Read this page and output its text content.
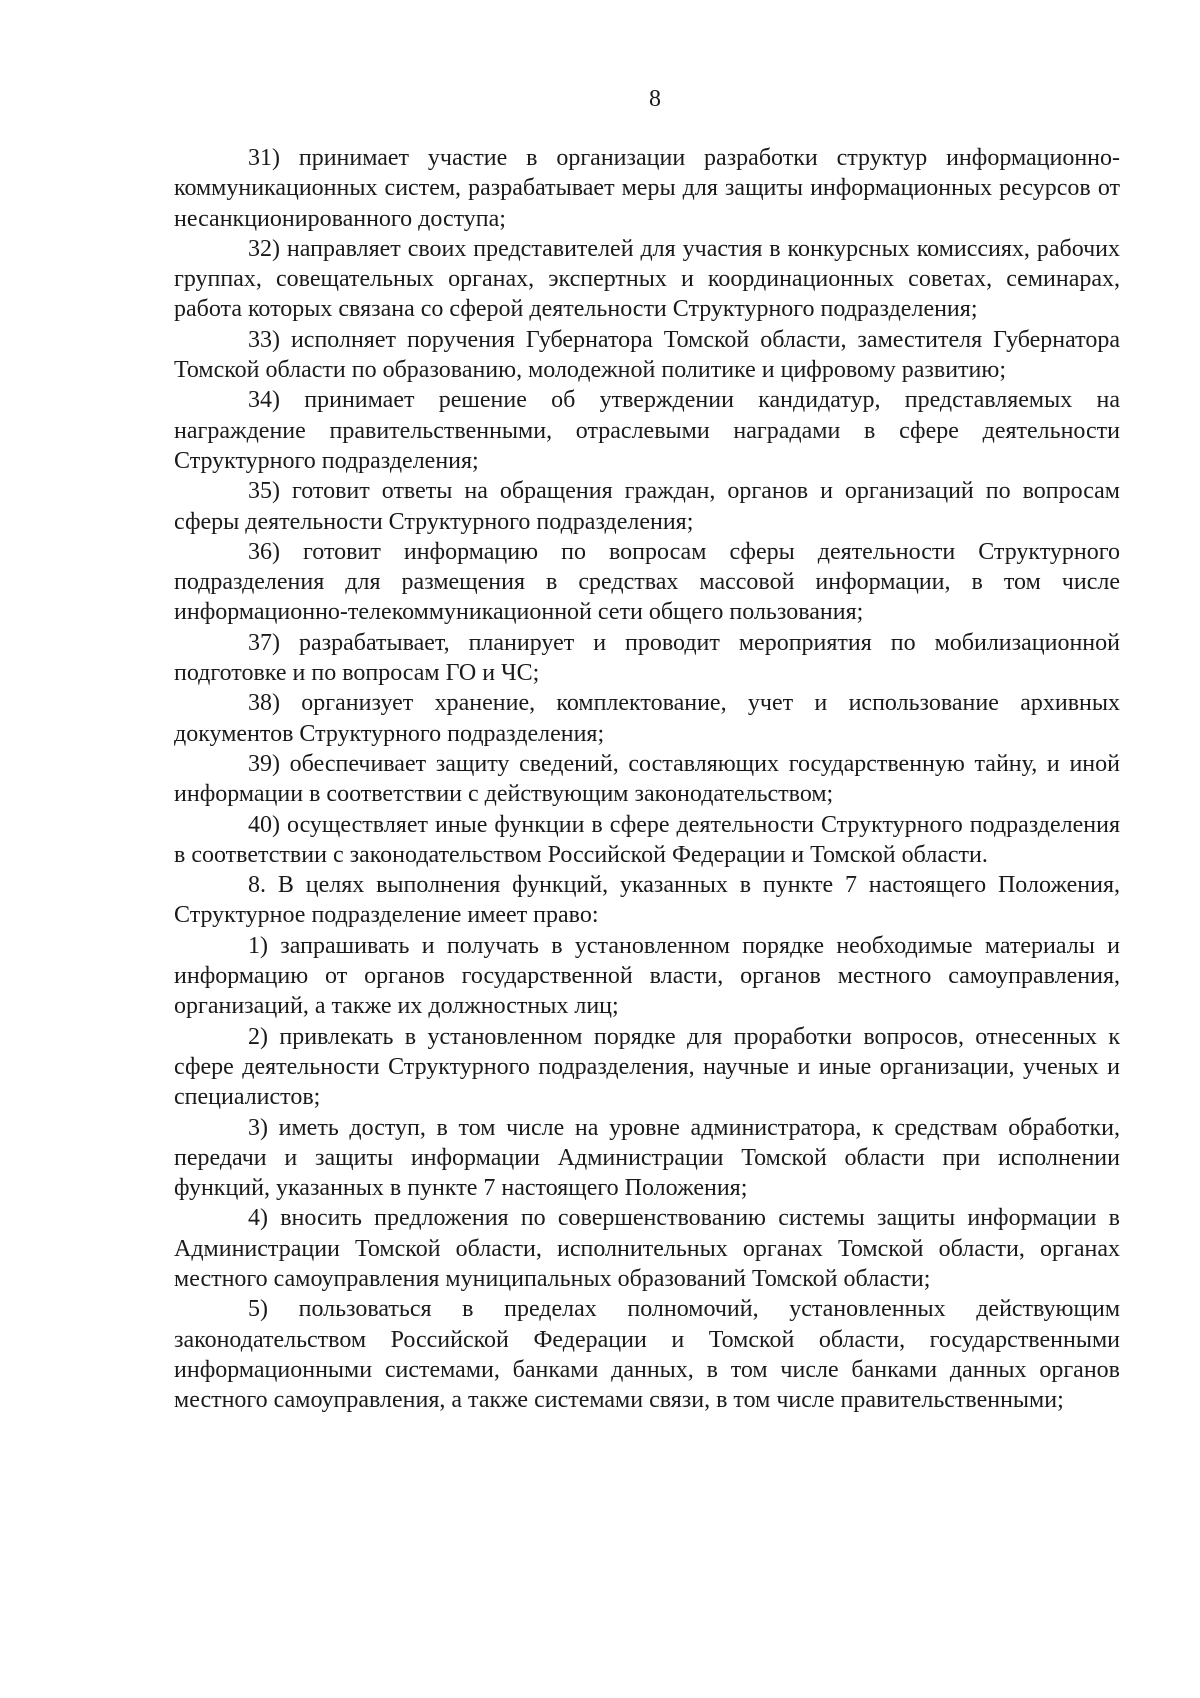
8

31) принимает участие в организации разработки структур информационно-коммуникационных систем, разрабатывает меры для защиты информационных ресурсов от несанкционированного доступа;

32) направляет своих представителей для участия в конкурсных комиссиях, рабочих группах, совещательных органах, экспертных и координационных советах, семинарах, работа которых связана со сферой деятельности Структурного подразделения;

33) исполняет поручения Губернатора Томской области, заместителя Губернатора Томской области по образованию, молодежной политике и цифровому развитию;

34) принимает решение об утверждении кандидатур, представляемых на награждение правительственными, отраслевыми наградами в сфере деятельности Структурного подразделения;

35) готовит ответы на обращения граждан, органов и организаций по вопросам сферы деятельности Структурного подразделения;

36) готовит информацию по вопросам сферы деятельности Структурного подразделения для размещения в средствах массовой информации, в том числе информационно-телекоммуникационной сети общего пользования;

37) разрабатывает, планирует и проводит мероприятия по мобилизационной подготовке и по вопросам ГО и ЧС;

38) организует хранение, комплектование, учет и использование архивных документов Структурного подразделения;

39) обеспечивает защиту сведений, составляющих государственную тайну, и иной информации в соответствии с действующим законодательством;

40) осуществляет иные функции в сфере деятельности Структурного подразделения в соответствии с законодательством Российской Федерации и Томской области.

8. В целях выполнения функций, указанных в пункте 7 настоящего Положения, Структурное подразделение имеет право:

1) запрашивать и получать в установленном порядке необходимые материалы и информацию от органов государственной власти, органов местного самоуправления, организаций, а также их должностных лиц;

2) привлекать в установленном порядке для проработки вопросов, отнесенных к сфере деятельности Структурного подразделения, научные и иные организации, ученых и специалистов;

3) иметь доступ, в том числе на уровне администратора, к средствам обработки, передачи и защиты информации Администрации Томской области при исполнении функций, указанных в пункте 7 настоящего Положения;

4) вносить предложения по совершенствованию системы защиты информации в Администрации Томской области, исполнительных органах Томской области, органах местного самоуправления муниципальных образований Томской области;

5) пользоваться в пределах полномочий, установленных действующим законодательством Российской Федерации и Томской области, государственными информационными системами, банками данных, в том числе банками данных органов местного самоуправления, а также системами связи, в том числе правительственными;
